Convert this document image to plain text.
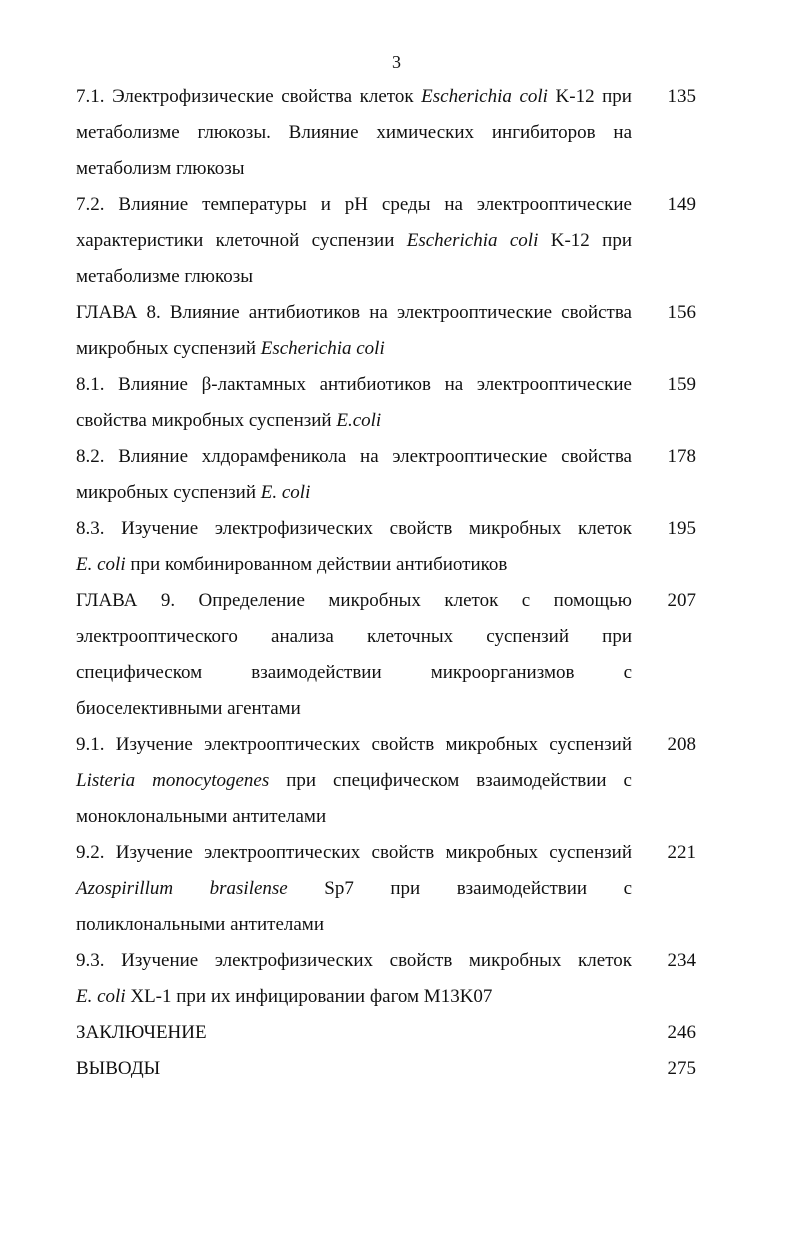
3
7.1. Электрофизические свойства клеток Escherichia coli K-12 при
метаболизме глюкозы. Влияние химических ингибиторов на
метаболизм глюкозы
135
7.2. Влияние температуры и рН среды на электрооптические
характеристики клеточной суспензии Escherichia coli K-12 при
метаболизме глюкозы
149
ГЛАВА 8. Влияние антибиотиков на электрооптические свойства
микробных суспензий Escherichia coli
156
8.1. Влияние β-лактамных антибиотиков на электрооптические
свойства микробных суспензий E.coli
159
8.2. Влияние хлдорамфеникола на электрооптические свойства
микробных суспензий E. coli
178
8.3. Изучение электрофизических свойств микробных клеток
E. coli при комбинированном действии антибиотиков
195
ГЛАВА 9. Определение микробных клеток с помощью
электрооптического анализа клеточных суспензий при
специфическом взаимодействии микроорганизмов с
биоселективными агентами
207
9.1. Изучение электрооптических свойств микробных суспензий
Listeria monocytogenes при специфическом взаимодействии с
моноклональными антителами
208
9.2. Изучение электрооптических свойств микробных суспензий
Azospirillum brasilense Sp7 при взаимодействии с
поликлональными антителами
221
9.3. Изучение электрофизических свойств микробных клеток
E. coli XL-1 при их инфицировании фагом M13K07
234
ЗАКЛЮЧЕНИЕ	246
ВЫВОДЫ	275
